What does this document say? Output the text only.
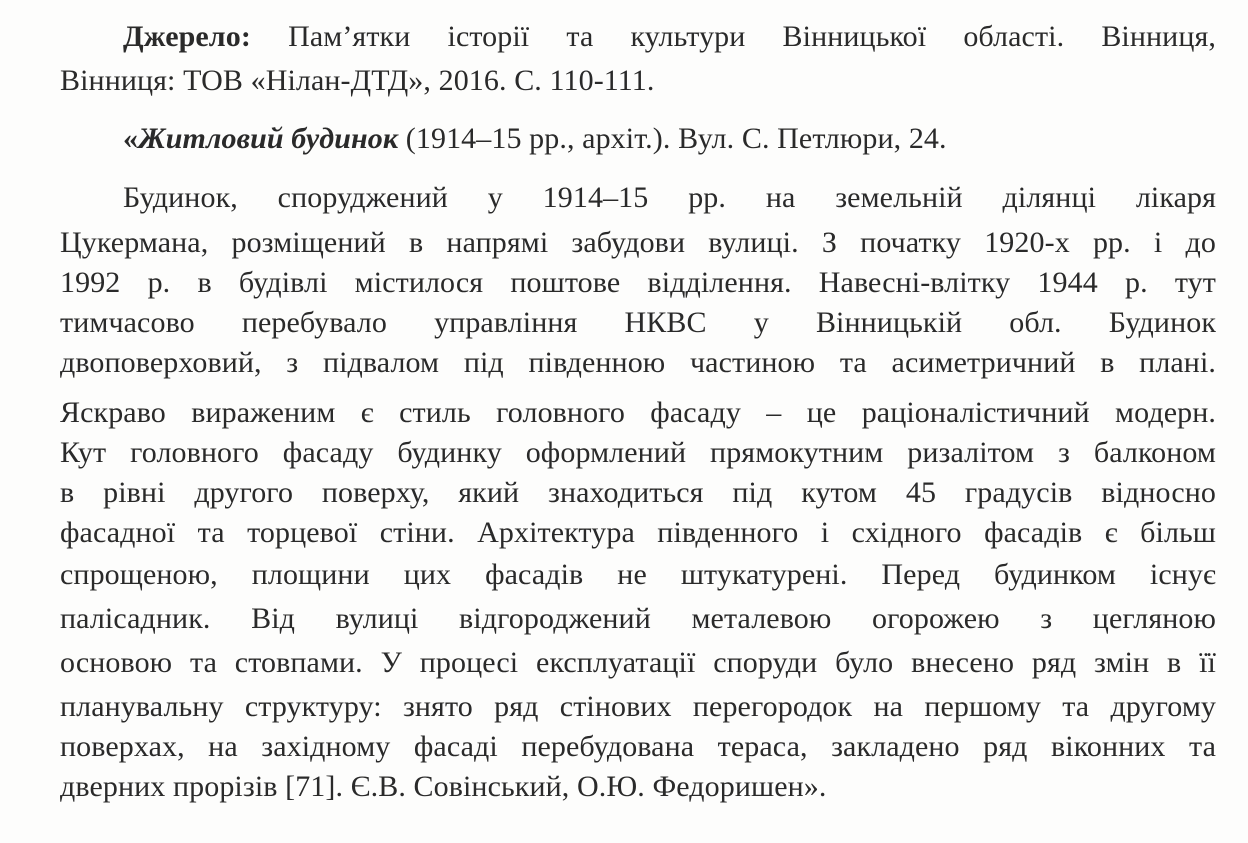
Джерело: Пам’ятки історії та культури Вінницької області. Вінниця,
Вінниця: ТОВ «Нілан-ДТД», 2016. С. 110-111.
«Житловий будинок (1914–15 рр., архіт.). Вул. С. Петлюри, 24.
Будинок, споруджений у 1914–15 рр. на земельній ділянці лікаря
Цукермана, розміщений в напрямі забудови вулиці. З початку 1920-х рр. і до
1992 р. в будівлі містилося поштове відділення. Навесні-влітку 1944 р. тут
тимчасово перебувало управління НКВС у Вінницькій обл. Будинок
двоповерховий, з підвалом під південною частиною та асиметричний в плані.
Яскраво вираженим є стиль головного фасаду – це раціоналістичний модерн.
Кут головного фасаду будинку оформлений прямокутним ризалітом з балконом
в рівні другого поверху, який знаходиться під кутом 45 градусів відносно
фасадної та торцевої стіни. Архітектура південного і східного фасадів є більш
спрощеною, площини цих фасадів не штукатурені. Перед будинком існує
палісадник. Від вулиці відгороджений металевою огорожею з цегляною
основою та стовпами. У процесі експлуатації споруди було внесено ряд змін в її
планувальну структуру: знято ряд стінових перегородок на першому та другому
поверхах, на західному фасаді перебудована тераса, закладено ряд віконних та
дверних прорізів [71]. Є.В. Совінський, О.Ю. Федоришен».
